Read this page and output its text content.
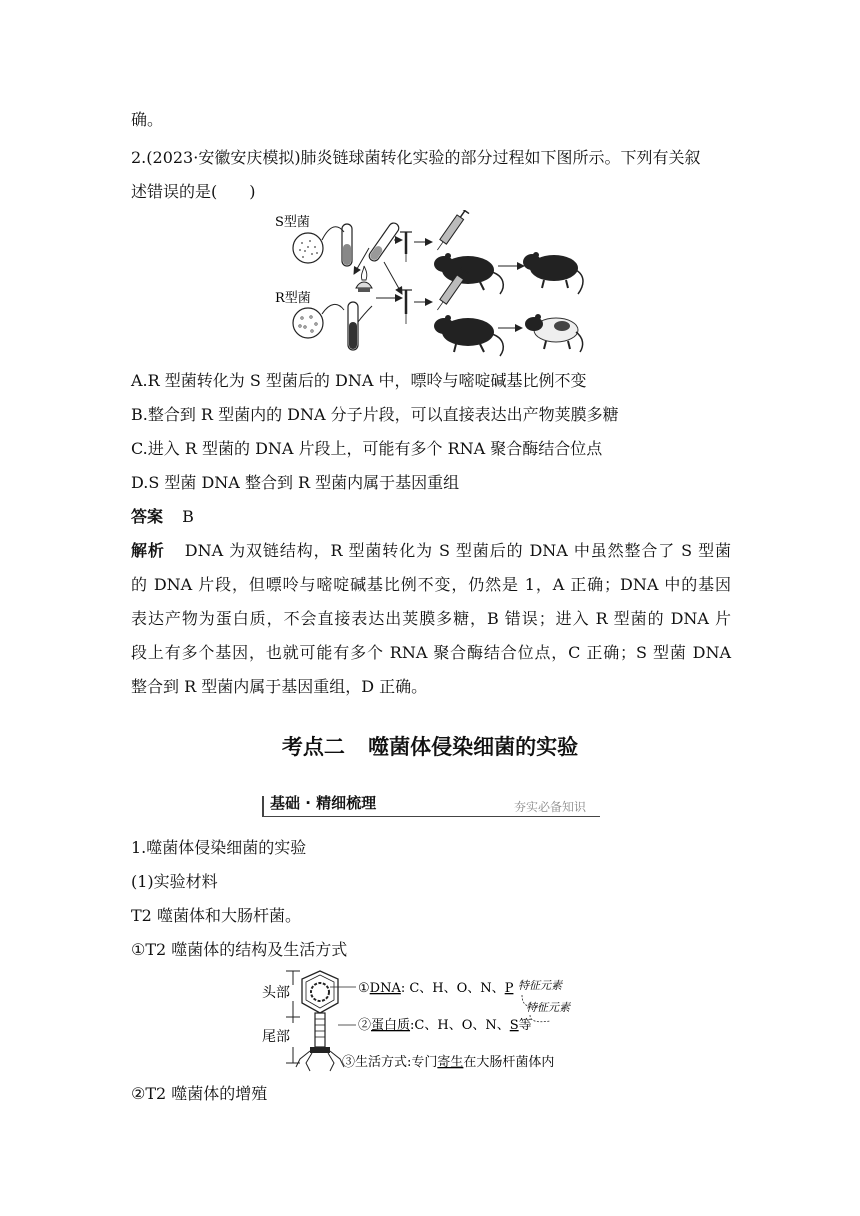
确。
2.(2023·安徽安庆模拟)肺炎链球菌转化实验的部分过程如下图所示。下列有关叙
述错误的是(　　)
S型菌
R型菌
A.R 型菌转化为 S 型菌后的 DNA 中，嘌呤与嘧啶碱基比例不变
B.整合到 R 型菌内的 DNA 分子片段，可以直接表达出产物荚膜多糖
C.进入 R 型菌的 DNA 片段上，可能有多个 RNA 聚合酶结合位点
D.S 型菌 DNA 整合到 R 型菌内属于基因重组
答案 B
解析 DNA 为双链结构，R 型菌转化为 S 型菌后的 DNA 中虽然整合了 S 型菌
的 DNA 片段，但嘌呤与嘧啶碱基比例不变，仍然是 1，A 正确；DNA 中的基因
表达产物为蛋白质，不会直接表达出荚膜多糖，B 错误；进入 R 型菌的 DNA 片
段上有多个基因，也就可能有多个 RNA 聚合酶结合位点，C 正确；S 型菌 DNA
整合到 R 型菌内属于基因重组，D 正确。
考点二 噬菌体侵染细菌的实验
基础 · 精细梳理	夯实必备知识
1.噬菌体侵染细菌的实验
(1)实验材料
T2 噬菌体和大肠杆菌。
①T2 噬菌体的结构及生活方式
头部
尾部
①DNA: C、H、O、N、P 特征元素
②蛋白质:C、H、O、N、S等
特征元素
③生活方式:专门寄生在大肠杆菌体内
②T2 噬菌体的增殖
